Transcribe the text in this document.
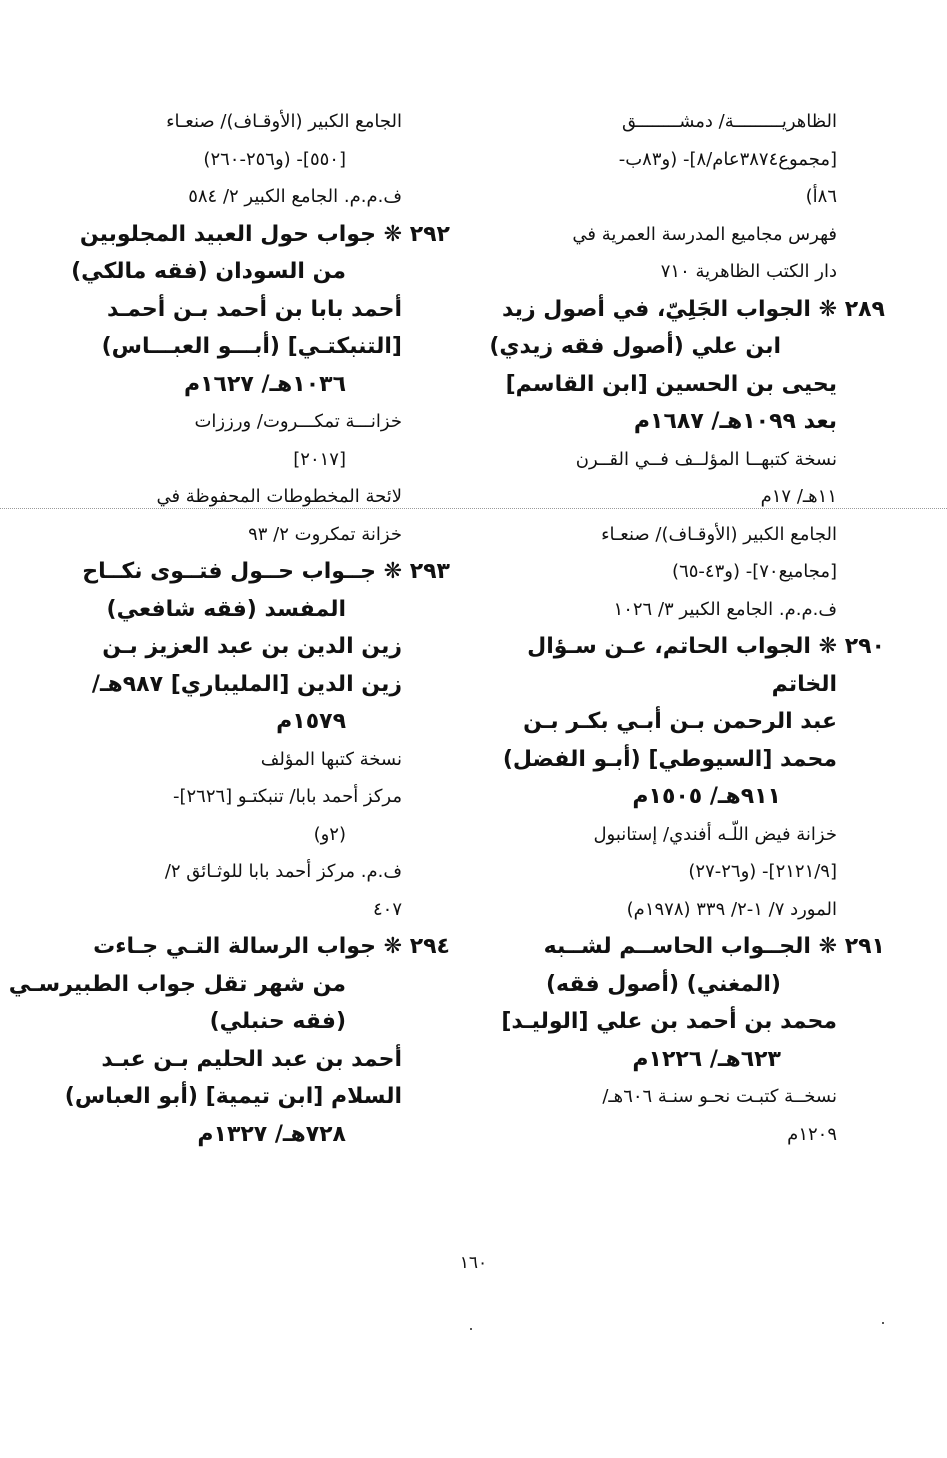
الظاهريـــــــــة/ دمشــــــــق
[مجموع٣٨٧٤عام/٨]- (و٨٣ب-
٨٦أ)
فهرس مجاميع المدرسة العمرية في
دار الكتب الظاهرية ٧١٠
٢٨٩ ❋ الجواب الجَلِيّ، في أصول زيد
ابن علي (أصول فقه زيدي)
يحيى بن الحسين [ابن القاسم]
بعد ١٠٩٩هـ/ ١٦٨٧م
نسخة كتبهــا المؤلــف فــي القــرن
١١هـ/ ١٧م
الجامع الكبير (الأوقـاف)/ صنعـاء
[مجاميع٧٠]- (و٤٣-٦٥)
ف.م.م. الجامع الكبير ٣/ ١٠٢٦
٢٩٠ ❋ الجواب الحاتم، عـن سـؤال
الخاتم
عبد الرحمن بـن أبـي بكـر بـن
محمد [السيوطي] (أبـو الفضل)
٩١١هـ/ ١٥٠٥م
خزانة فيض اللّـه أفندي/ إستانبول
[٢١٢١/٩]- (و٢٦-٢٧)
المورد ٧/ ١-٢/ ٣٣٩ (١٩٧٨م)
٢٩١ ❋ الجــواب الحاســم لشــبه
(المغني) (أصول فقه)
محمد بن أحمد بن علي [الوليـد]
٦٢٣هـ/ ١٢٢٦م
نسخــة كتبـت نحـو سنـة ٦٠٦هـ/
١٢٠٩م
الجامع الكبير (الأوقـاف)/ صنعـاء
[٥٥٠]- (و٢٥٦-٢٦٠)
ف.م.م. الجامع الكبير ٢/ ٥٨٤
٢٩٢ ❋ جواب حول العبيد المجلوبين
من السودان (فقه مالكي)
أحمد بابا بن أحمد بـن أحمـد
[التنبكتـي] (أبـــو العبـــاس)
١٠٣٦هـ/ ١٦٢٧م
خزانـــة تمكـــروت/ ورززات
[٢٠١٧]
لائحة المخطوطات المحفوظة في
خزانة تمكروت ٢/ ٩٣
٢٩٣ ❋ جــواب حــول فتــوى نكــاح
المفسد (فقه شافعي)
زين الدين بن عبد العزيز بـن
زين الدين [المليباري] ٩٨٧هـ/
١٥٧٩م
نسخة كتبها المؤلف
مركز أحمد بابا/ تنبكتـو [٢٦٢٦]-
(٢و)
ف.م. مركز أحمد بابا للوثـائق ٢/
٤٠٧
٢٩٤ ❋ جواب الرسالة التـي جـاءت
من شهر تقل جواب الطبيرسـي
(فقه حنبلي)
أحمد بن عبد الحليم بـن عبـد
السلام [ابن تيمية] (أبو العباس)
٧٢٨هـ/ ١٣٢٧م
١٦٠
